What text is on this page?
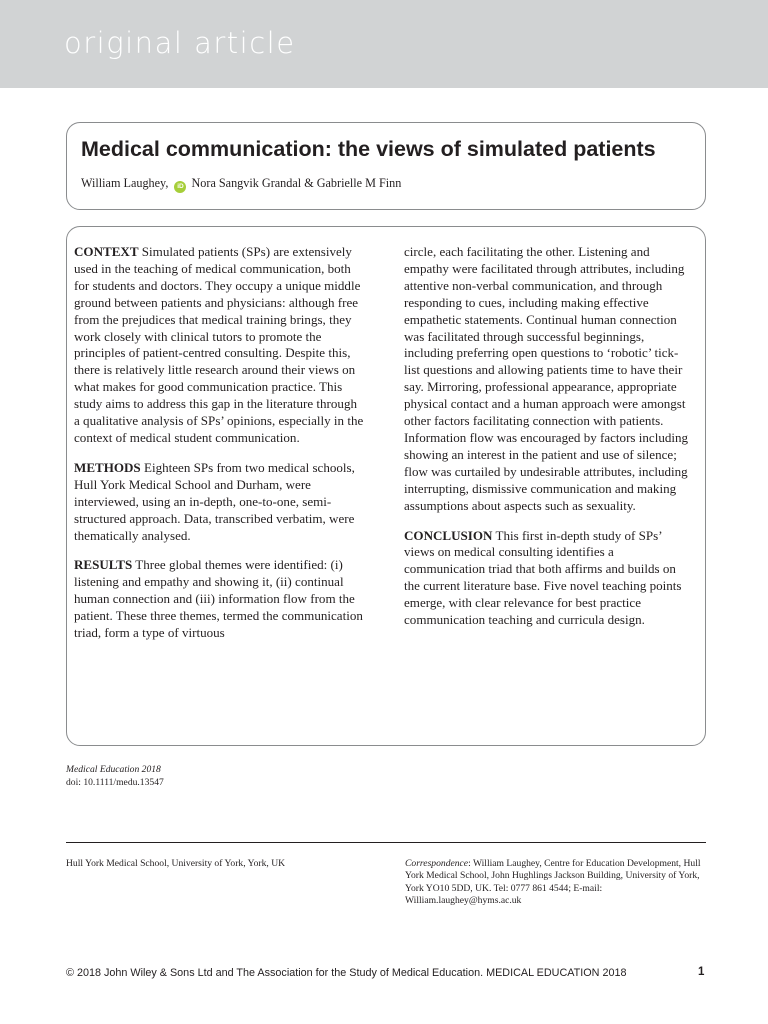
original article
Medical communication: the views of simulated patients
William Laughey, iD Nora Sangvik Grandal & Gabrielle M Finn

CONTEXT Simulated patients (SPs) are extensively used in the teaching of medical communication, both for students and doctors. They occupy a unique middle ground between patients and physicians: although free from the prejudices that medical training brings, they work closely with clinical tutors to promote the principles of patient-centred consulting. Despite this, there is relatively little research around their views on what makes for good communication practice. This study aims to address this gap in the literature through a qualitative analysis of SPs’ opinions, especially in the context of medical student communication.

METHODS Eighteen SPs from two medical schools, Hull York Medical School and Durham, were interviewed, using an in-depth, one-to-one, semi-structured approach. Data, transcribed verbatim, were thematically analysed.

RESULTS Three global themes were identified: (i) listening and empathy and showing it, (ii) continual human connection and (iii) information flow from the patient. These three themes, termed the communication triad, form a type of virtuous

circle, each facilitating the other. Listening and empathy were facilitated through attributes, including attentive non-verbal communication, and through responding to cues, including making effective empathetic statements. Continual human connection was facilitated through successful beginnings, including preferring open questions to ‘robotic’ tick-list questions and allowing patients time to have their say. Mirroring, professional appearance, appropriate physical contact and a human approach were amongst other factors facilitating connection with patients. Information flow was encouraged by factors including showing an interest in the patient and use of silence; flow was curtailed by undesirable attributes, including interrupting, dismissive communication and making assumptions about aspects such as sexuality.

CONCLUSION This first in-depth study of SPs’ views on medical consulting identifies a communication triad that both affirms and builds on the current literature base. Five novel teaching points emerge, with clear relevance for best practice communication teaching and curricula design.

Medical Education 2018
doi: 10.1111/medu.13547
Hull York Medical School, University of York, York, UK	Correspondence: William Laughey, Centre for Education Development, Hull York Medical School, John Hughlings Jackson Building, University of York, York YO10 5DD, UK. Tel: 0777 861 4544; E-mail: William.laughey@hyms.ac.uk
© 2018 John Wiley & Sons Ltd and The Association for the Study of Medical Education. MEDICAL EDUCATION 2018	1
